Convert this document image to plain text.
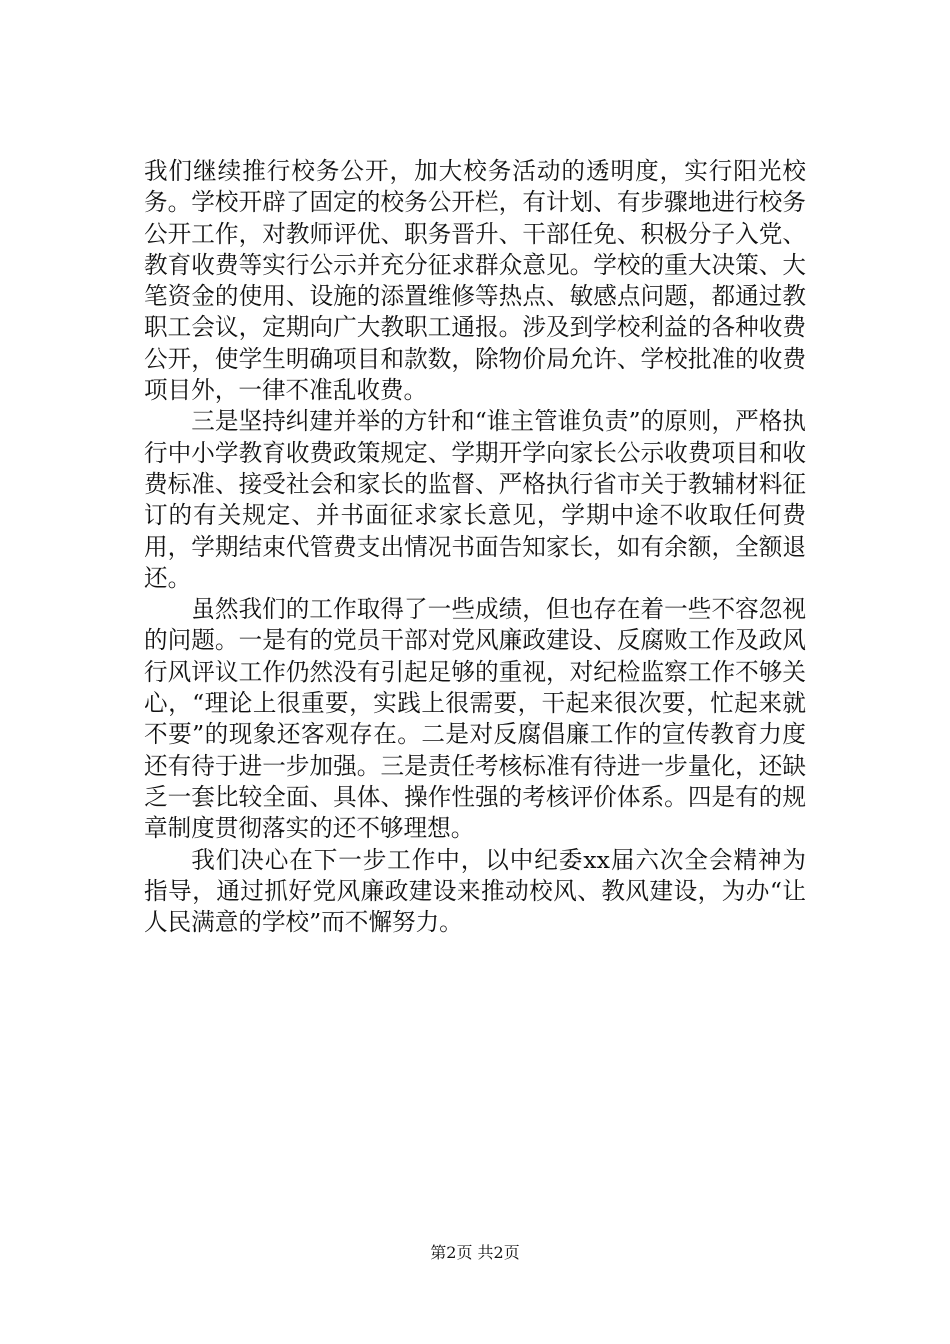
我们继续推行校务公开，加大校务活动的透明度，实行阳光校务。学校开辟了固定的校务公开栏，有计划、有步骤地进行校务公开工作，对教师评优、职务晋升、干部任免、积极分子入党、教育收费等实行公示并充分征求群众意见。学校的重大决策、大笔资金的使用、设施的添置维修等热点、敏感点问题，都通过教职工会议，定期向广大教职工通报。涉及到学校利益的各种收费公开，使学生明确项目和款数，除物价局允许、学校批准的收费项目外，一律不准乱收费。

三是坚持纠建并举的方针和“谁主管谁负责”的原则，严格执行中小学教育收费政策规定、学期开学向家长公示收费项目和收费标准、接受社会和家长的监督、严格执行省市关于教辅材料征订的有关规定、并书面征求家长意见，学期中途不收取任何费用，学期结束代管费支出情况书面告知家长，如有余额，全额退还。

虽然我们的工作取得了一些成绩，但也存在着一些不容忽视的问题。一是有的党员干部对党风廉政建设、反腐败工作及政风行风评议工作仍然没有引起足够的重视，对纪检监察工作不够关心，“理论上很重要，实践上很需要，干起来很次要，忙起来就不要”的现象还客观存在。二是对反腐倡廉工作的宣传教育力度还有待于进一步加强。三是责任考核标准有待进一步量化，还缺乏一套比较全面、具体、操作性强的考核评价体系。四是有的规章制度贯彻落实的还不够理想。

我们决心在下一步工作中，以中纪委xx届六次全会精神为指导，通过抓好党风廉政建设来推动校风、教风建设，为办“让人民满意的学校”而不懈努力。

第2页 共2页
